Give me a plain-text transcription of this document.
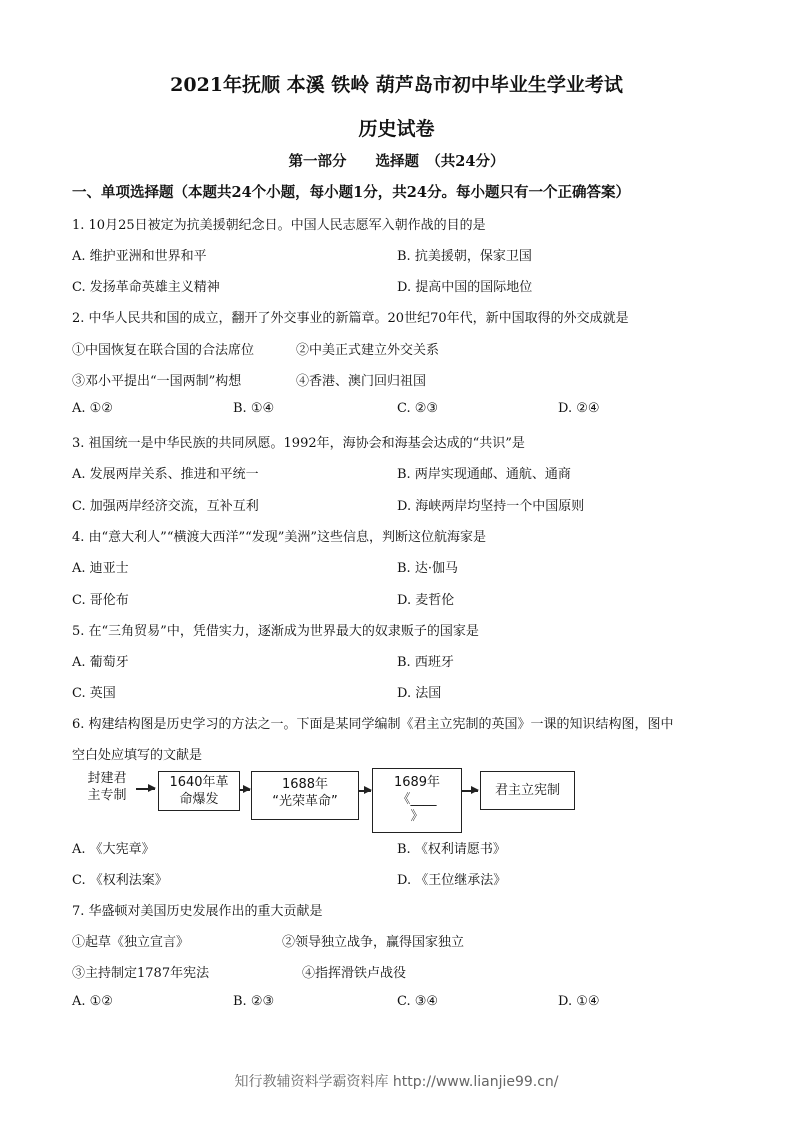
2021年抚顺 本溪 铁岭 葫芦岛市初中毕业生学业考试
历史试卷
第一部分　　选择题　（共24分）
一、单项选择题（本题共24个小题，每小题1分，共24分。每小题只有一个正确答案）
1. 10月25日被定为抗美援朝纪念日。中国人民志愿军入朝作战的目的是
A. 维护亚洲和世界和平	B. 抗美援朝，保家卫国
C. 发扬革命英雄主义精神	D. 提高中国的国际地位
2. 中华人民共和国的成立，翻开了外交事业的新篇章。20世纪70年代，新中国取得的外交成就是
①中国恢复在联合国的合法席位	②中美正式建立外交关系
③邓小平提出“一国两制”构想	④香港、澳门回归祖国
A. ①②	B. ①④	C. ②③	D. ②④
3. 祖国统一是中华民族的共同夙愿。1992年，海协会和海基会达成的“共识”是
A. 发展两岸关系、推进和平统一	B. 两岸实现通邮、通航、通商
C. 加强两岸经济交流，互补互利	D. 海峡两岸均坚持一个中国原则
4. 由“意大利人”“横渡大西洋”“发现”美洲”这些信息，判断这位航海家是
A. 迪亚士	B. 达·伽马
C. 哥伦布	D. 麦哲伦
5. 在“三角贸易”中，凭借实力，逐渐成为世界最大的奴隶贩子的国家是
A. 葡萄牙	B. 西班牙
C. 英国	D. 法国
6. 构建结构图是历史学习的方法之一。下面是某同学编制《君主立宪制的英国》一课的知识结构图，图中
空白处应填写的文献是
封建君
主专制
1640年革
命爆发
1688年
“光荣革命”
1689年
《____
》
君主立宪制
A. 《大宪章》	B. 《权利请愿书》
C. 《权利法案》	D. 《王位继承法》
7. 华盛顿对美国历史发展作出的重大贡献是
①起草《独立宣言》	②领导独立战争，赢得国家独立
③主持制定1787年宪法	④指挥滑铁卢战役
A. ①②	B. ②③	C. ③④	D. ①④
知行教辅资料学霸资料库 http://www.lianjie99.cn/
